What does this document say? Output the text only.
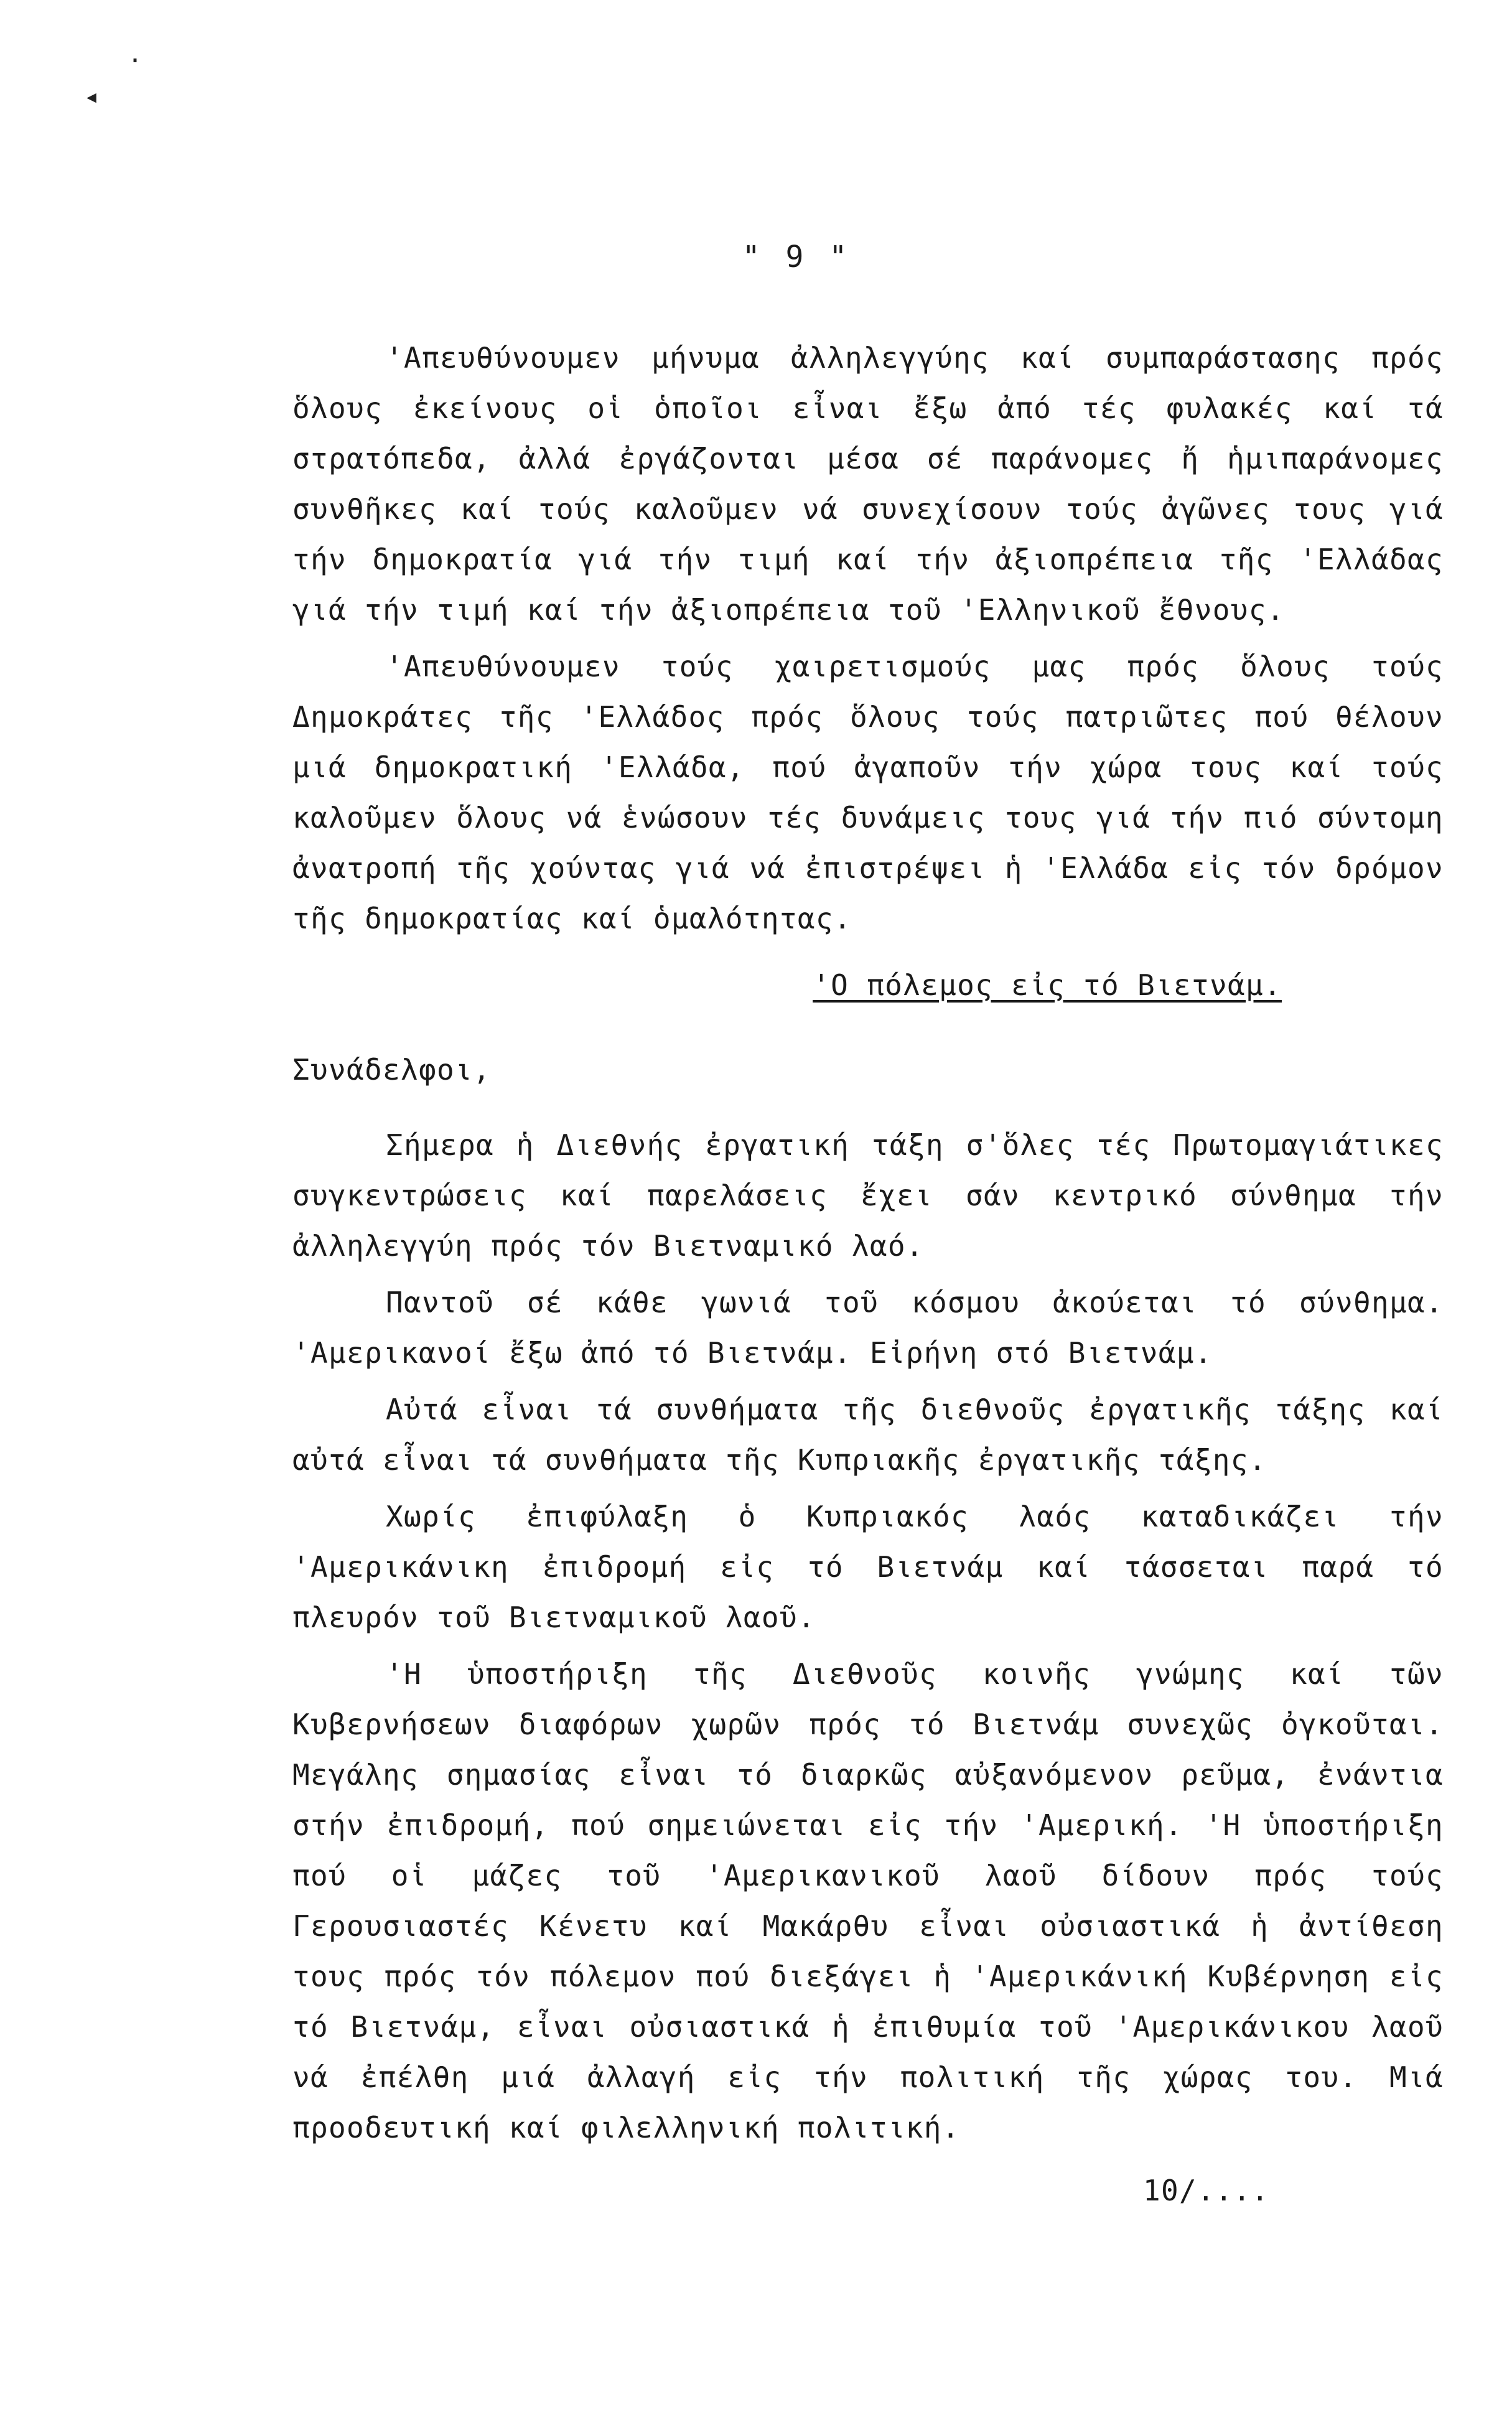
·
◂
" 9 "

'Απευθύνουμεν μήνυμα ἀλληλεγγύης καί συμπαράστασης πρός ὅλους ἐκείνους οἱ ὁποῖοι εἶναι ἔξω ἀπό τές φυλακές καί τά στρατόπεδα, ἀλλά ἐργάζονται μέσα σέ παράνομες ἤ ἡμιπαράνομες συνθῆκες καί τούς καλοῦμεν νά συνεχίσουν τούς ἀγῶνες τους γιά τήν δημοκρατία γιά τήν τιμή καί τήν ἀξιοπρέπεια τῆς 'Ελλάδας γιά τήν τιμή καί τήν ἀξιοπρέπεια τοῦ 'Ελληνικοῦ ἔθνους.

'Απευθύνουμεν τούς χαιρετισμούς μας πρός ὅλους τούς Δημοκράτες τῆς 'Ελλάδος πρός ὅλους τούς πατριῶτες πού θέλουν μιά δημοκρατική 'Ελλάδα, πού ἀγαποῦν τήν χώρα τους καί τούς καλοῦμεν ὅλους νά ἑνώσουν τές δυνάμεις τους γιά τήν πιό σύντομη ἀνατροπή τῆς χούντας γιά νά ἐπιστρέψει ἡ 'Ελλάδα εἰς τόν δρόμον τῆς δημοκρατίας καί ὁμαλότητας.

'Ο πόλεμος εἰς τό Βιετνάμ.

Συνάδελφοι,

Σήμερα ἡ Διεθνής ἐργατική τάξη σ'ὅλες τές Πρωτομαγιάτικες συγκεντρώσεις καί παρελάσεις ἔχει σάν κεντρικό σύνθημα τήν ἀλληλεγγύη πρός τόν Βιετναμικό λαό.

Παντοῦ σέ κάθε γωνιά τοῦ κόσμου ἀκούεται τό σύνθημα. 'Αμερικανοί ἔξω ἀπό τό Βιετνάμ. Εἰρήνη στό Βιετνάμ.

Αὐτά εἶναι τά συνθήματα τῆς διεθνοῦς ἐργατικῆς τάξης καί αὐτά εἶναι τά συνθήματα τῆς Κυπριακῆς ἐργατικῆς τάξης.

Χωρίς ἐπιφύλαξη ὁ Κυπριακός λαός καταδικάζει τήν 'Αμερικάνικη ἐπιδρομή εἰς τό Βιετνάμ καί τάσσεται παρά τό πλευρόν τοῦ Βιετναμικοῦ λαοῦ.

'Η ὑποστήριξη τῆς Διεθνοῦς κοινῆς γνώμης καί τῶν Κυβερνήσεων διαφόρων χωρῶν πρός τό Βιετνάμ συνεχῶς ὀγκοῦται. Μεγάλης σημασίας εἶναι τό διαρκῶς αὐξανόμενον ρεῦμα, ἐνάντια στήν ἐπιδρομή, πού σημειώνεται εἰς τήν 'Αμερική. 'Η ὑποστήριξη πού οἱ μάζες τοῦ 'Αμερικανικοῦ λαοῦ δίδουν πρός τούς Γερουσιαστές Κένετυ καί Μακάρθυ εἶναι οὐσιαστικά ἡ ἀντίθεση τους πρός τόν πόλεμον πού διεξάγει ἡ 'Αμερικάνική Κυβέρνηση εἰς τό Βιετνάμ, εἶναι οὐσιαστικά ἡ ἐπιθυμία τοῦ 'Αμερικάνικου λαοῦ νά ἐπέλθη μιά ἀλλαγή εἰς τήν πολιτική τῆς χώρας του. Μιά προοδευτική καί φιλελληνική πολιτική.

10/....
